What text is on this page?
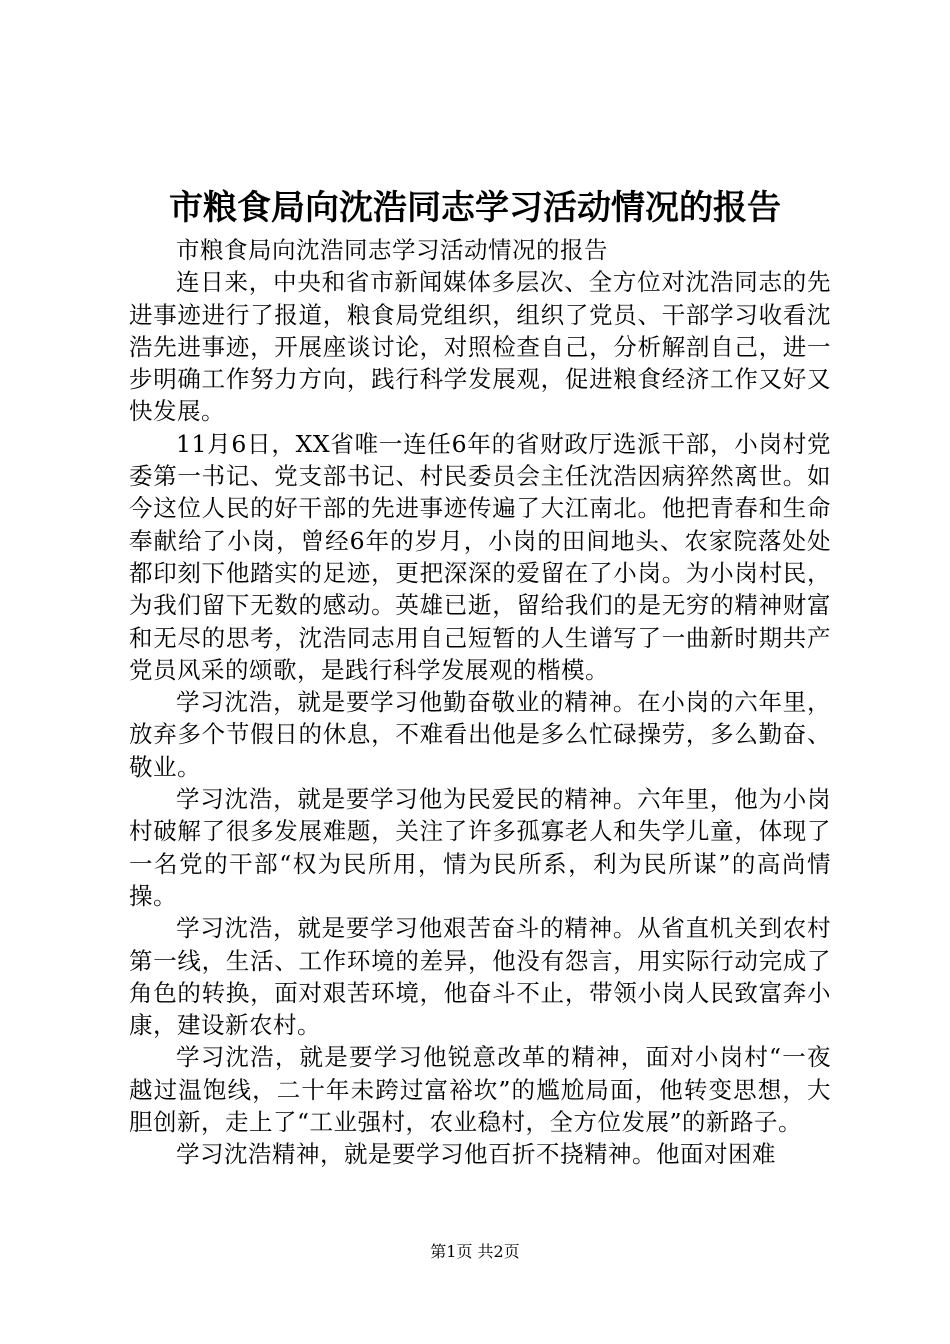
市粮食局向沈浩同志学习活动情况的报告

市粮食局向沈浩同志学习活动情况的报告

连日来，中央和省市新闻媒体多层次、全方位对沈浩同志的先进事迹进行了报道，粮食局党组织，组织了党员、干部学习收看沈浩先进事迹，开展座谈讨论，对照检查自己，分析解剖自己，进一步明确工作努力方向，践行科学发展观，促进粮食经济工作又好又快发展。

11月6日，XX省唯一连任6年的省财政厅选派干部，小岗村党委第一书记、党支部书记、村民委员会主任沈浩因病猝然离世。如今这位人民的好干部的先进事迹传遍了大江南北。他把青春和生命奉献给了小岗，曾经6年的岁月，小岗的田间地头、农家院落处处都印刻下他踏实的足迹，更把深深的爱留在了小岗。为小岗村民，为我们留下无数的感动。英雄已逝，留给我们的是无穷的精神财富和无尽的思考，沈浩同志用自己短暂的人生谱写了一曲新时期共产党员风采的颂歌，是践行科学发展观的楷模。

学习沈浩，就是要学习他勤奋敬业的精神。在小岗的六年里，放弃多个节假日的休息，不难看出他是多么忙碌操劳，多么勤奋、敬业。

学习沈浩，就是要学习他为民爱民的精神。六年里，他为小岗村破解了很多发展难题，关注了许多孤寡老人和失学儿童，体现了一名党的干部“权为民所用，情为民所系，利为民所谋”的高尚情操。

学习沈浩，就是要学习他艰苦奋斗的精神。从省直机关到农村第一线，生活、工作环境的差异，他没有怨言，用实际行动完成了角色的转换，面对艰苦环境，他奋斗不止，带领小岗人民致富奔小康，建设新农村。

学习沈浩，就是要学习他锐意改革的精神，面对小岗村“一夜越过温饱线，二十年未跨过富裕坎”的尴尬局面，他转变思想，大胆创新，走上了“工业强村，农业稳村，全方位发展”的新路子。

学习沈浩精神，就是要学习他百折不挠精神。他面对困难

第1页 共2页
